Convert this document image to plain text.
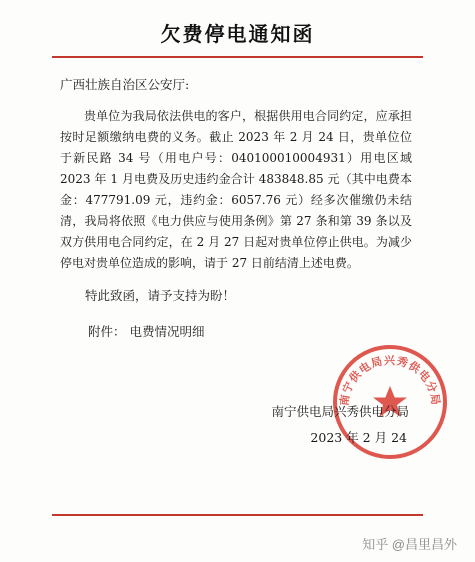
欠费停电通知函
广西壮族自治区公安厅:

贵单位为我局依法供电的客户，根据供用电合同约定，应承担按时足额缴纳电费的义务。截止 2023 年 2 月 24 日，贵单位位于新民路 34 号（用电户号：040100010004931）用电区域 2023 年 1 月电费及历史违约金合计 483848.85 元（其中电费本金：477791.09 元，违约金：6057.76 元）经多次催缴仍未结清，我局将依照《电力供应与使用条例》第 27 条和第 39 条以及双方供用电合同约定，在 2 月 27 日起对贵单位停止供电。为减少停电对贵单位造成的影响，请于 27 日前结清上述电费。

特此致函，请予支持为盼！
附件： 电费情况明细
南宁供电局兴秀供电分局
南宁供电局兴秀供电分局
2023 年 2 月 24
知乎 @昌里昌外
